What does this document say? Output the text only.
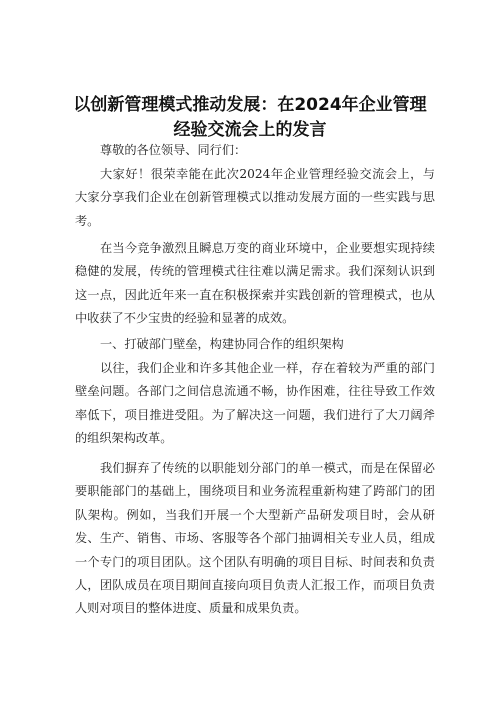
以创新管理模式推动发展：在2024年企业管理
经验交流会上的发言

尊敬的各位领导、同行们：

大家好！很荣幸能在此次2024年企业管理经验交流会上，与大家分享我们企业在创新管理模式以推动发展方面的一些实践与思考。

在当今竞争激烈且瞬息万变的商业环境中，企业要想实现持续稳健的发展，传统的管理模式往往难以满足需求。我们深刻认识到这一点，因此近年来一直在积极探索并实践创新的管理模式，也从中收获了不少宝贵的经验和显著的成效。

一、打破部门壁垒，构建协同合作的组织架构

以往，我们企业和许多其他企业一样，存在着较为严重的部门壁垒问题。各部门之间信息流通不畅，协作困难，往往导致工作效率低下，项目推进受阻。为了解决这一问题，我们进行了大刀阔斧的组织架构改革。

我们摒弃了传统的以职能划分部门的单一模式，而是在保留必要职能部门的基础上，围绕项目和业务流程重新构建了跨部门的团队架构。例如，当我们开展一个大型新产品研发项目时，会从研发、生产、销售、市场、客服等各个部门抽调相关专业人员，组成一个专门的项目团队。这个团队有明确的项目目标、时间表和负责人，团队成员在项目期间直接向项目负责人汇报工作，而项目负责人则对项目的整体进度、质量和成果负责。
